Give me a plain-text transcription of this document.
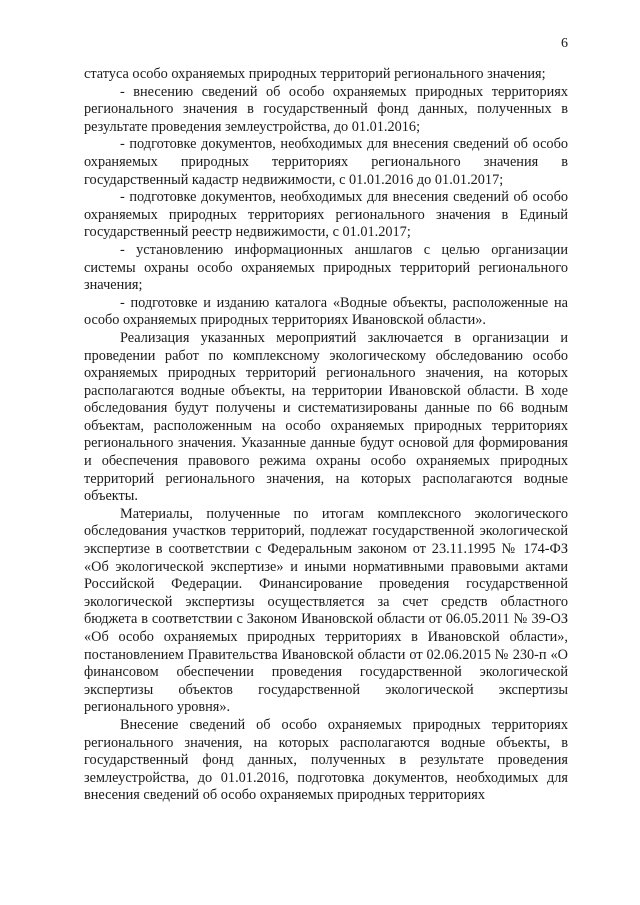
6

статуса особо охраняемых природных территорий регионального значения;

- внесению сведений об особо охраняемых природных территориях регионального значения в государственный фонд данных, полученных в результате проведения землеустройства, до 01.01.2016;

- подготовке документов, необходимых для внесения сведений об особо охраняемых природных территориях регионального значения в государственный кадастр недвижимости, с 01.01.2016 до 01.01.2017;

- подготовке документов, необходимых для внесения сведений об особо охраняемых природных территориях регионального значения в Единый государственный реестр недвижимости, с 01.01.2017;

- установлению информационных аншлагов с целью организации системы охраны особо охраняемых природных территорий регионального значения;

- подготовке и изданию каталога «Водные объекты, расположенные на особо охраняемых природных территориях Ивановской области».

Реализация указанных мероприятий заключается в организации и проведении работ по комплексному экологическому обследованию особо охраняемых природных территорий регионального значения, на которых располагаются водные объекты, на территории Ивановской области. В ходе обследования будут получены и систематизированы данные по 66 водным объектам, расположенным на особо охраняемых природных территориях регионального значения. Указанные данные будут основой для формирования и обеспечения правового режима охраны особо охраняемых природных территорий регионального значения, на которых располагаются водные объекты.

Материалы, полученные по итогам комплексного экологического обследования участков территорий, подлежат государственной экологической экспертизе в соответствии с Федеральным законом от 23.11.1995 № 174-ФЗ «Об экологической экспертизе» и иными нормативными правовыми актами Российской Федерации. Финансирование проведения государственной экологической экспертизы осуществляется за счет средств областного бюджета в соответствии с Законом Ивановской области от 06.05.2011 № 39-ОЗ «Об особо охраняемых природных территориях в Ивановской области», постановлением Правительства Ивановской области от 02.06.2015 № 230-п «О финансовом обеспечении проведения государственной экологической экспертизы объектов государственной экологической экспертизы регионального уровня».

Внесение сведений об особо охраняемых природных территориях регионального значения, на которых располагаются водные объекты, в государственный фонд данных, полученных в результате проведения землеустройства, до 01.01.2016, подготовка документов, необходимых для внесения сведений об особо охраняемых природных территориях
